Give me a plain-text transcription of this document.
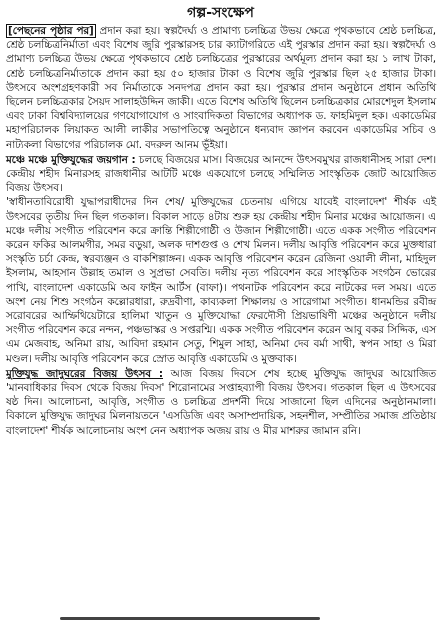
গল্প-সংক্ষেপ

[পেছনের পৃষ্ঠার পর] প্রদান করা হয়। স্বল্পদৈর্ঘ্য ও প্রামাণ্য চলচ্চিত্র উভয় ক্ষেত্রে পৃথকভাবে শ্রেষ্ঠ চলচ্চিত্র, শ্রেষ্ঠ চলচ্চিত্রনির্মাতা এবং বিশেষ জুরি পুরস্কারসহ চার ক্যাটাগরিতে এই পুরস্কার প্রদান করা হয়। স্বল্পদৈর্ঘ্য ও প্রামাণ্য চলচ্চিত্র উভয় ক্ষেত্রে পৃথকভাবে শ্রেষ্ঠ চলচ্চিত্রের পুরস্কারের অর্থমূল্য প্রদান করা হয় ১ লাখ টাকা, শ্রেষ্ঠ চলচ্চিত্রনির্মাতাকে প্রদান করা হয় ৫০ হাজার টাকা ও বিশেষ জুরি পুরস্কার ছিল ২৫ হাজার টাকা। উৎসবে অংশগ্রহণকারী সব নির্মাতাকে সনদপত্র প্রদান করা হয়। পুরস্কার প্রদান অনুষ্ঠানে প্রধান অতিথি ছিলেন চলচ্চিত্রকার সৈয়দ সালাহউদ্দিন জাকী। এতে বিশেষ অতিথি ছিলেন চলচ্চিত্রকার মোরশেদুল ইসলাম এবং ঢাকা বিশ্ববিদ্যালয়ের গণযোগাযোগ ও সাংবাদিকতা বিভাগের অধ্যাপক ড. ফাহমিদুল হক। একাডেমির মহাপরিচালক লিয়াকত আলী লাকীর সভাপতিত্বে অনুষ্ঠানে ধন্যবাদ জ্ঞাপন করবেন একাডেমির সচিব ও নাট্যকলা বিভাগের পরিচালক মো. বদরুল আনম ভূঁইয়া।

মঞ্চে মঞ্চে মুক্তিযুদ্ধের জয়গান : চলছে বিজয়ের মাস। বিজয়ের আনন্দে উৎসবমুখর রাজধানীসহ সারা দেশ। কেন্দ্রীয় শহীদ মিনারসহ রাজধানীর আটটি মঞ্চে একযোগে চলছে সম্মিলিত সাংস্কৃতিক জোট আয়োজিত বিজয় উৎসব।

'স্বাধীনতাবিরোধী যুদ্ধাপরাধীদের দিন শেষ/ মুক্তিযুদ্ধের চেতনায় এগিয়ে যাবেই বাংলাদেশ' শীর্ষক এই উৎসবের তৃতীয় দিন ছিল গতকাল। বিকাল সাড়ে ৪টায় শুরু হয় কেন্দ্রীয় শহীদ মিনার মঞ্চের আয়োজন। এ মঞ্চে দলীয় সংগীত পরিবেশন করে ক্রান্তি শিল্পীগোষ্ঠী ও উজান শিল্পীগোষ্ঠী। এতে একক সংগীত পরিবেশন করেন ফকির আলমগীর, সমর বড়ুয়া, অলক দাশগুপ্ত ও শেখ মিলন। দলীয় আবৃত্তি পরিবেশন করে মুক্তধারা সংস্কৃতি চর্চা কেন্দ্র, স্বরব্যঞ্জন ও বাকশিল্পাঙ্গন। একক আবৃত্তি পরিবেশন করেন রেজিনা ওয়ালী লীনা, মাহিদুল ইসলাম, আহসান উল্লাহ তমাল ও সুপ্রভা সেবতি। দলীয় নৃত্য পরিবেশন করে সাংস্কৃতিক সংগঠন ভোরের পাখি, বাংলাদেশ একাডেমি অব ফাইন আর্টস (বাফা)। পথনাটক পরিবেশন করে নাটকের দল সময়। এতে অংশ নেয় শিশু সংগঠন কল্লোরধারা, রুদ্রবীণা, কাব্যকলা শিক্ষালয় ও সারেগামা সংগীত। ধানমন্ডির রবীন্দ্র সরোবরের আম্ফিথিয়েটারে হালিমা খাতুন ও মুক্তিযোদ্ধা ফেরদৌসী প্রিয়ভাষিণী মঞ্চের অনুষ্ঠানে দলীয় সংগীত পরিবেশন করে নন্দন, পঞ্চভাস্কর ও সপ্তরশ্মি। একক সংগীত পরিবেশন করেন আবু বকর সিদ্দিক, এস এম মেজবাহ, অনিমা রায়, আবিদা রহমান সেতু, শিমুল সাহা, অনিমা দেব বর্মা সাথী, স্বপন সাহা ও মিরা মণ্ডল। দলীয় আবৃত্তি পরিবেশন করে স্রোত আবৃত্তি একাডেমি ও মুক্তবাক।

মুক্তিযুদ্ধ জাদুঘরের বিজয় উৎসব : আজ বিজয় দিবসে শেষ হচ্ছে মুক্তিযুদ্ধ জাদুঘর আয়োজিত 'মানবাধিকার দিবস থেকে বিজয় দিবস' শিরোনামের সপ্তাহব্যাপী বিজয় উৎসব। গতকাল ছিল এ উৎসবের ষষ্ঠ দিন। আলোচনা, আবৃত্তি, সংগীত ও চলচ্চিত্র প্রদর্শনী দিয়ে সাজানো ছিল এদিনের অনুষ্ঠানমালা। বিকালে মুক্তিযুদ্ধ জাদুঘর মিলনায়তনে 'এসডিজি এবং অসাম্প্রদায়িক, সহনশীল, সম্প্রীতির সমাজ প্রতিষ্ঠায় বাংলাদেশ' শীর্ষক আলোচনায় অংশ নেন অধ্যাপক অজয় রায় ও মীর মাশরুর জামান রনি।
